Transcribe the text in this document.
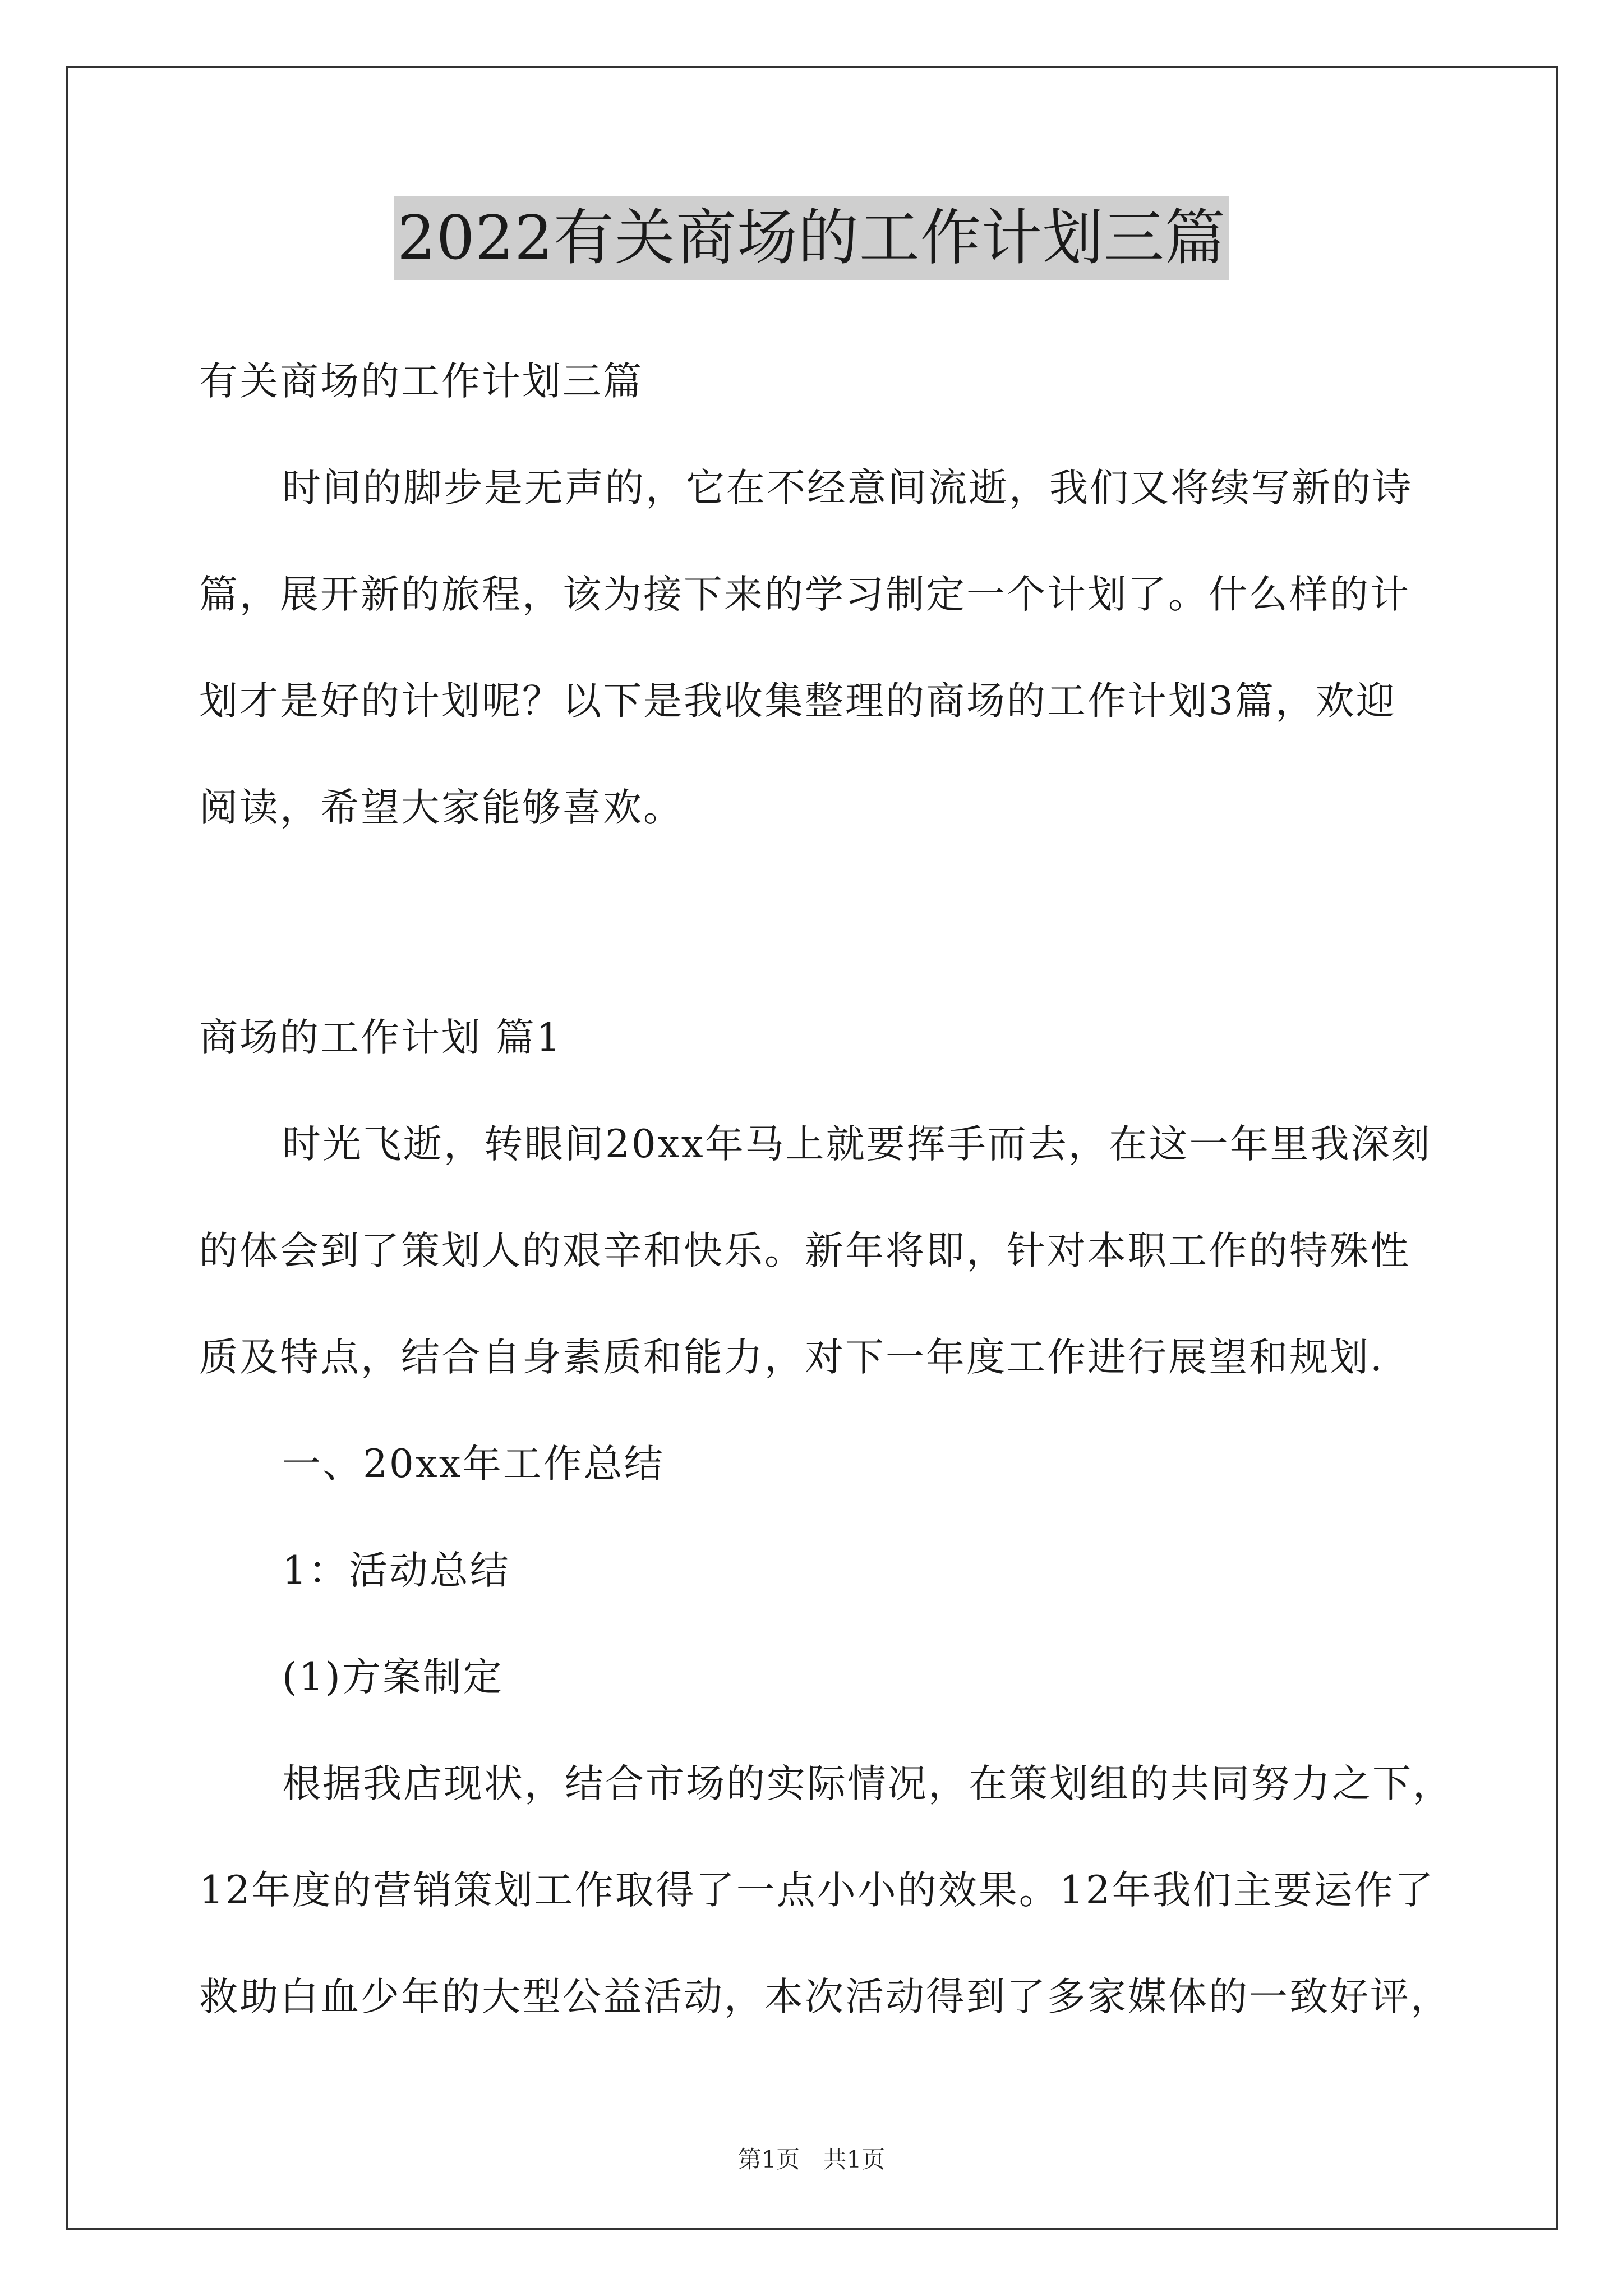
2022有关商场的工作计划三篇
有关商场的工作计划三篇
时间的脚步是无声的，它在不经意间流逝，我们又将续写新的诗
篇，展开新的旅程，该为接下来的学习制定一个计划了。什么样的计
划才是好的计划呢？以下是我收集整理的商场的工作计划3篇，欢迎
阅读，希望大家能够喜欢。
商场的工作计划 篇1
时光飞逝，转眼间20xx年马上就要挥手而去，在这一年里我深刻
的体会到了策划人的艰辛和快乐。新年将即，针对本职工作的特殊性
质及特点，结合自身素质和能力，对下一年度工作进行展望和规划.
一、20xx年工作总结
1：活动总结
(1)方案制定
根据我店现状，结合市场的实际情况，在策划组的共同努力之下，
12年度的营销策划工作取得了一点小小的效果。12年我们主要运作了
救助白血少年的大型公益活动，本次活动得到了多家媒体的一致好评，
第1页 共1页
